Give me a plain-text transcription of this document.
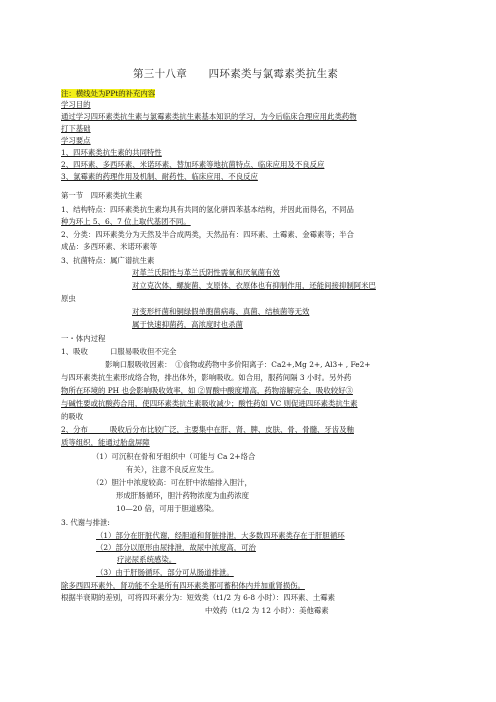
第三十八章　　四环素类与氯霉素类抗生素
注：横线处为PPt的补充内容
学习目的
通过学习四环素类抗生素与氯霉素类抗生素基本知识的学习，为今后临床合理应用此类药物
打下基础
学习要点
1、四环素类抗生素的共同特性
2、四环素、多西环素、米诺环素、替加环素等地抗菌特点、临床应用及不良反应
3、氯霉素的药理作用及机制、耐药性、临床应用、不良反应
第一节　四环素类抗生素
1、结构特点：四环素类抗生素均具有共同的氢化骈四苯基本结构，并因此而得名，不同品
种为环上 5、6、7 位上取代基团不同。
2、分类：四环素类分为天然及半合成两类，天然品有：四环素、土霉素、金霉素等；半合
成品：多西环素、米诺环素等
3、抗菌特点：属广谱抗生素
对革兰氏阳性与革兰氏阴性需氧和厌氧菌有效
对立克次体、螺旋菌、支原体、衣原体也有抑制作用，还能间接抑制阿米巴
原虫
对变形杆菌和铜绿假单胞菌病毒、真菌、结核菌等无效
属于快速抑菌药，高浓度时也杀菌
一・体内过程
1、吸收　　　口服易吸收但不完全
影响口服吸收因素：　①食物或药物中多价阳离子：Ca2+,Mg 2+, Al3+ , Fe2+
与四环素类抗生素形成络合物，排出体外，影响吸收。如合用，服药间隔 3 小时。另外药
物所在环境的 PH 也会影响吸收效率，如 ②胃酸中酸度增高，药物溶解完全，吸收较好③
与碱性要或抗酸药合用，使四环素类抗生素吸收减少；酸性药如 VC 则促进四环素类抗生素
的吸收
2、分布　　　吸收后分布比较广泛，主要集中在肝、肾、脾、皮肤、骨、骨髓、牙齿及釉
质等组织，能通过胎盘屏障
（1）可沉积在骨和牙组织中（可能与 Ca 2+络合
有关），注意不良反应发生。
（2）胆汁中浓度较高：可在肝中浓缩排入胆汁，
形成肝肠循环，胆汁药物浓度为血药浓度
10—20 倍，可用于胆道感染。
3. 代谢与排泄:
（1）部分在肝脏代谢，经胆道和肾脏排泄，大多数四环素类存在于肝胆循环
（2）部分以原形由尿排泄，故尿中浓度高，可治
疗泌尿系统感染。
（3）由于肝肠循环，部分可从肠道排泄。
除多西四环素外，肾功能不全是所有四环素类都可蓄积体内并加重肾损伤。
根据半衰期的差别，可将四环素分为：短效类（t1/2 为 6-8 小时）：四环素、土霉素
中效药（t1/2 为 12 小时）：美他霉素
